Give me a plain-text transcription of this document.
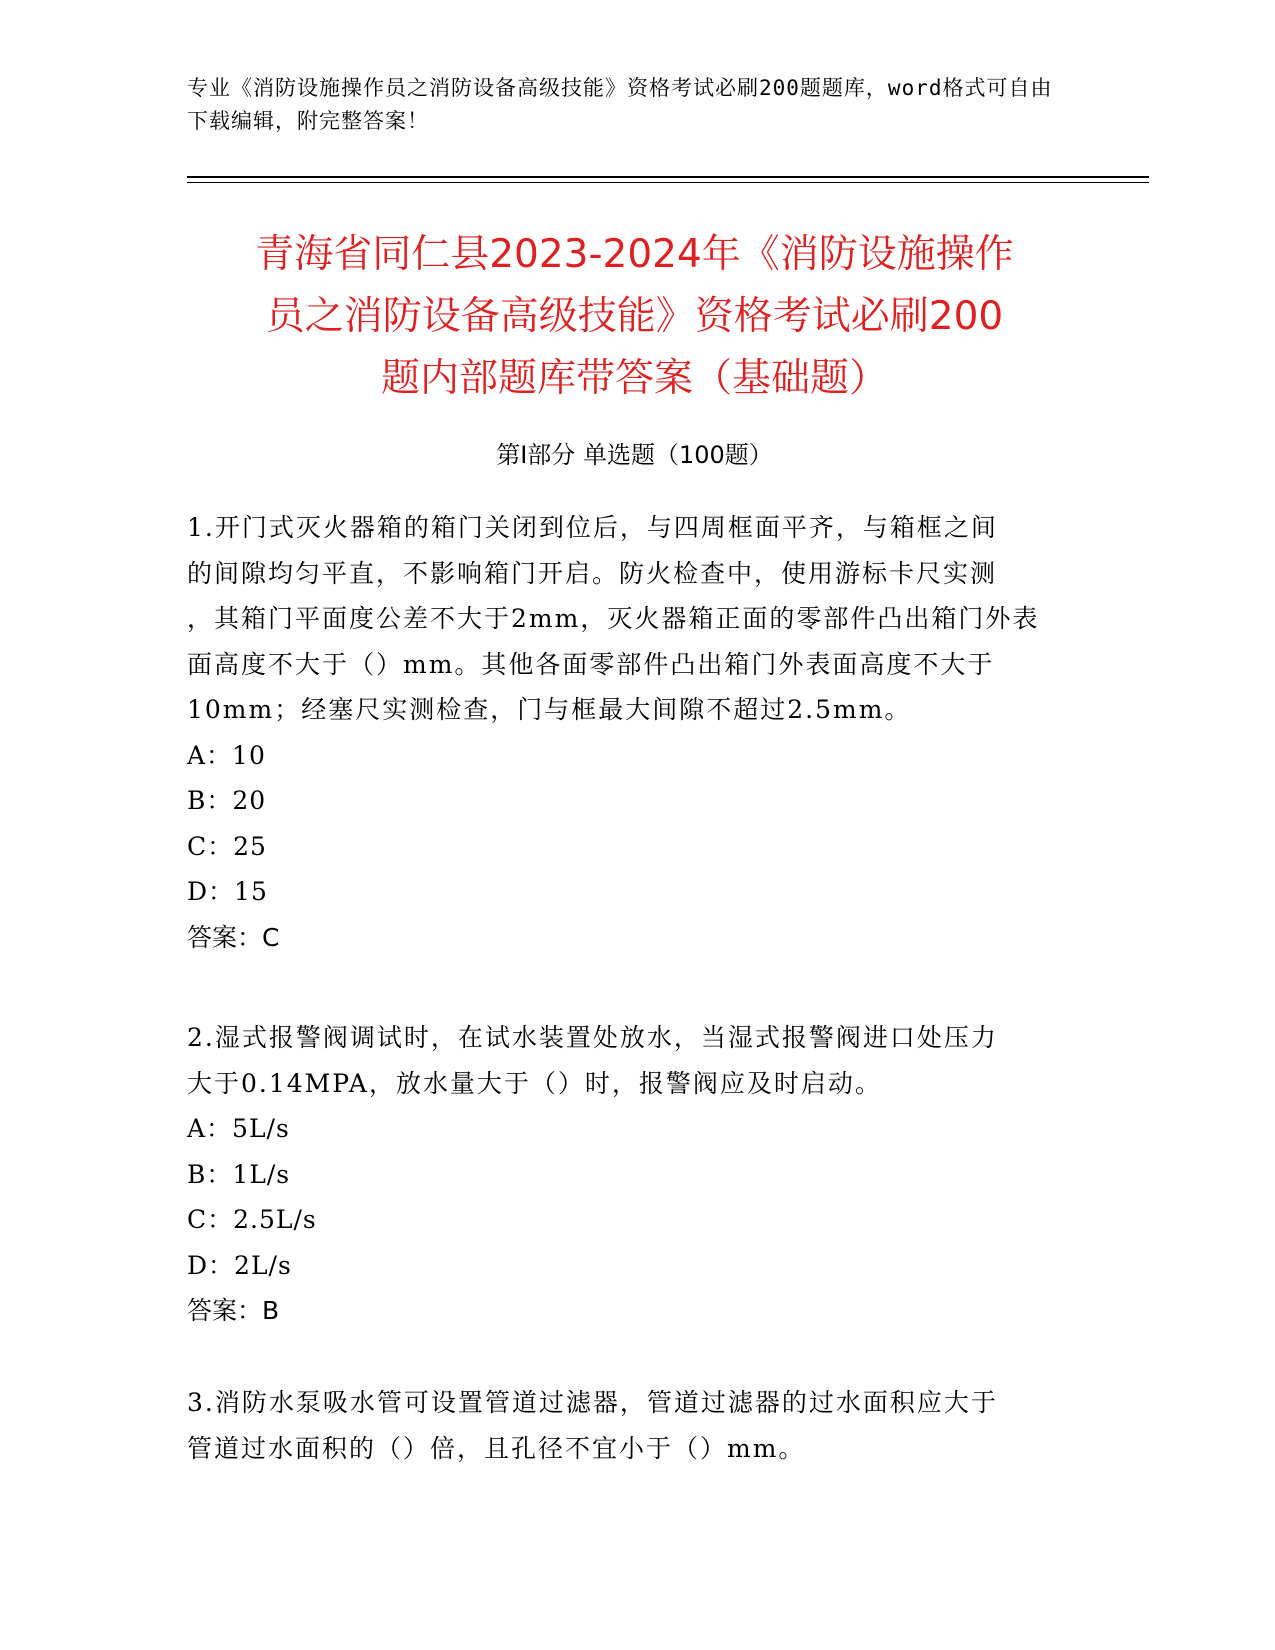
专业《消防设施操作员之消防设备高级技能》资格考试必刷200题题库，word格式可自由下载编辑，附完整答案！
青海省同仁县2023-2024年《消防设施操作
员之消防设备高级技能》资格考试必刷200
题内部题库带答案（基础题）
第Ⅰ部分 单选题（100题）
1.开门式灭火器箱的箱门关闭到位后，与四周框面平齐，与箱框之间
的间隙均匀平直，不影响箱门开启。防火检查中，使用游标卡尺实测
，其箱门平面度公差不大于2mm，灭火器箱正面的零部件凸出箱门外表
面高度不大于（）mm。其他各面零部件凸出箱门外表面高度不大于
10mm；经塞尺实测检查，门与框最大间隙不超过2.5mm。
A：10
B：20
C：25
D：15
答案：C
2.湿式报警阀调试时，在试水装置处放水，当湿式报警阀进口处压力
大于0.14MPA，放水量大于（）时，报警阀应及时启动。
A：5L/s
B：1L/s
C：2.5L/s
D：2L/s
答案：B
3.消防水泵吸水管可设置管道过滤器，管道过滤器的过水面积应大于
管道过水面积的（）倍，且孔径不宜小于（）mm。
